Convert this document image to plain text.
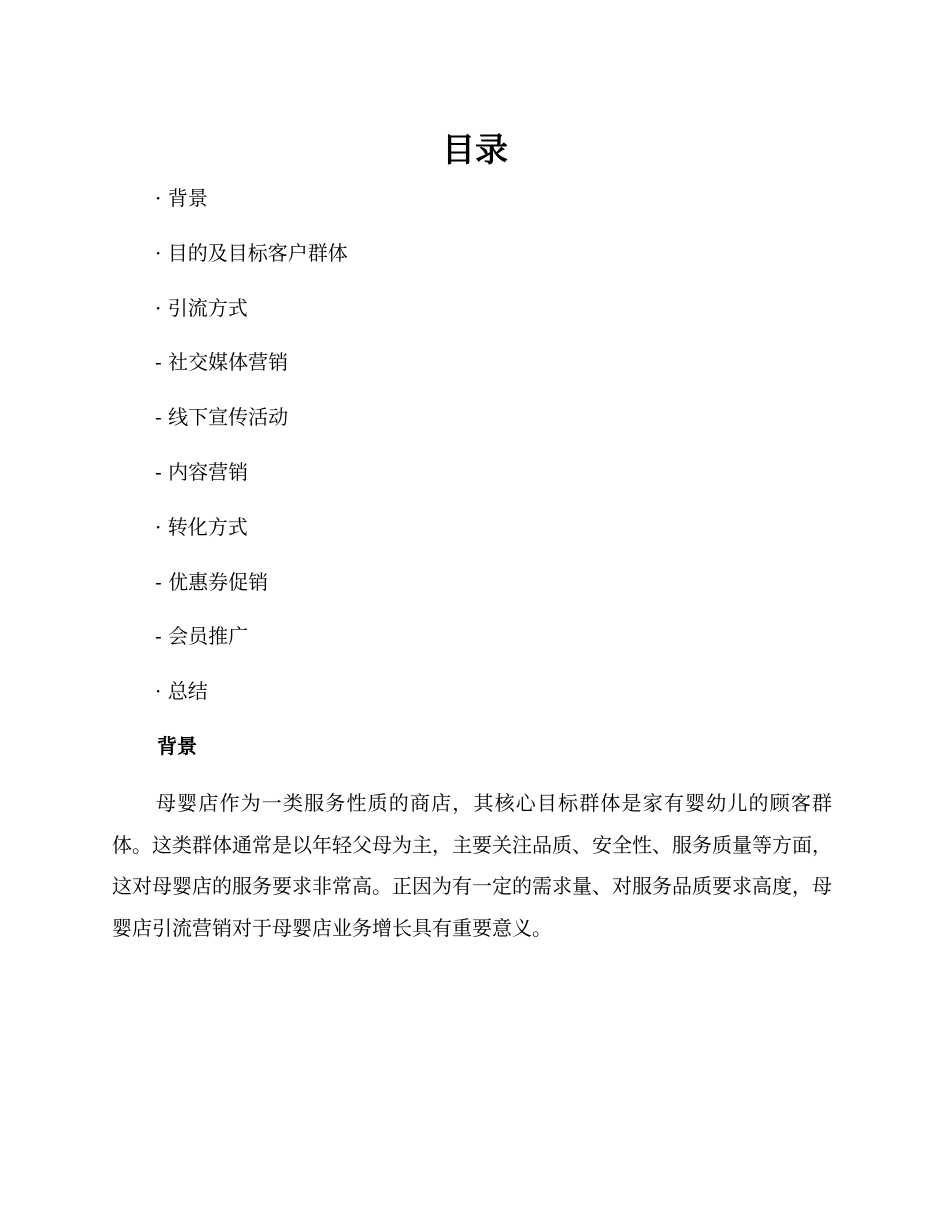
目录
· 背景
· 目的及目标客户群体
· 引流方式
- 社交媒体营销
- 线下宣传活动
- 内容营销
· 转化方式
- 优惠券促销
- 会员推广
· 总结
背景

母婴店作为一类服务性质的商店，其核心目标群体是家有婴幼儿的顾客群体。这类群体通常是以年轻父母为主，主要关注品质、安全性、服务质量等方面，这对母婴店的服务要求非常高。正因为有一定的需求量、对服务品质要求高度，母婴店引流营销对于母婴店业务增长具有重要意义。
